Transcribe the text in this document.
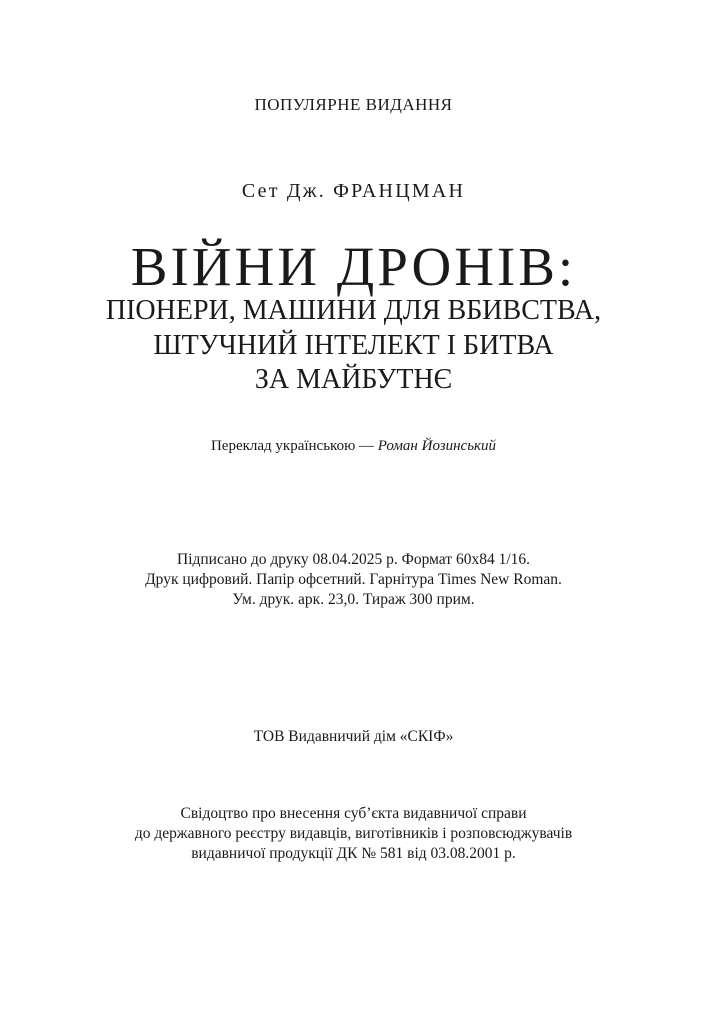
ПОПУЛЯРНЕ ВИДАННЯ
Сет Дж. ФРАНЦМАН
ВІЙНИ ДРОНІВ:
ПІОНЕРИ, МАШИНИ ДЛЯ ВБИВСТВА,
ШТУЧНИЙ ІНТЕЛЕКТ І БИТВА
ЗА МАЙБУТНЄ
Переклад українською — Роман Йозинський
Підписано до друку 08.04.2025 р. Формат 60х84 1/16.
Друк цифровий. Папір офсетний. Гарнітура Times New Roman.
Ум. друк. арк. 23,0. Тираж 300 прим.
ТОВ Видавничий дім «СКІФ»
Свідоцтво про внесення суб’єкта видавничої справи
до державного реєстру видавців, виготівників і розповсюджувачів
видавничої продукції ДК № 581 від 03.08.2001 р.
